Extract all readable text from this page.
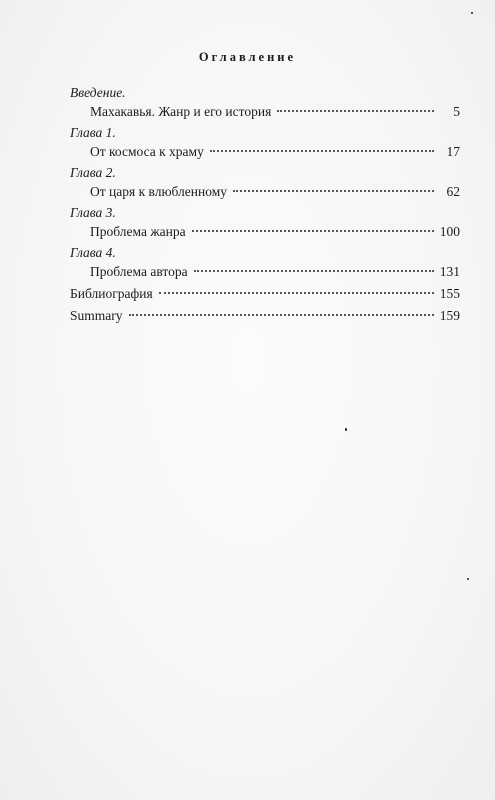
Оглавление
Введение.
Махакавья. Жанр и его история	5
Глава 1.
От космоса к храму	17
Глава 2.
От царя к влюбленному	62
Глава 3.
Проблема жанра	100
Глава 4.
Проблема автора	131
Библиография	155
Summary	159
